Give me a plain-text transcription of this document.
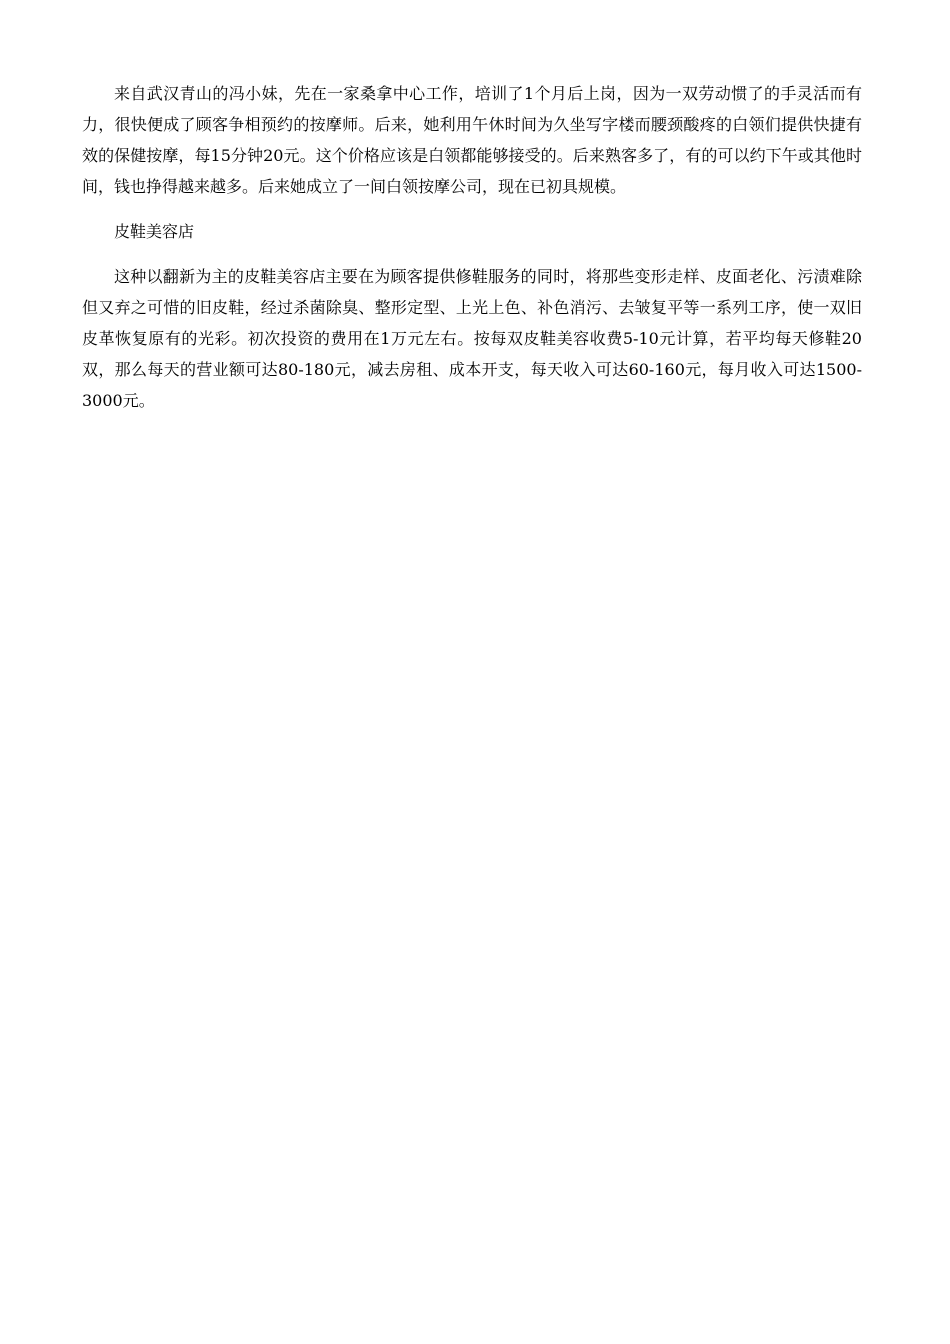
来自武汉青山的冯小妹，先在一家桑拿中心工作，培训了1个月后上岗，因为一双劳动惯了的手灵活而有力，很快便成了顾客争相预约的按摩师。后来，她利用午休时间为久坐写字楼而腰颈酸疼的白领们提供快捷有效的保健按摩，每15分钟20元。这个价格应该是白领都能够接受的。后来熟客多了，有的可以约下午或其他时间，钱也挣得越来越多。后来她成立了一间白领按摩公司，现在已初具规模。

皮鞋美容店

这种以翻新为主的皮鞋美容店主要在为顾客提供修鞋服务的同时，将那些变形走样、皮面老化、污渍难除但又弃之可惜的旧皮鞋，经过杀菌除臭、整形定型、上光上色、补色消污、去皱复平等一系列工序，使一双旧皮革恢复原有的光彩。初次投资的费用在1万元左右。按每双皮鞋美容收费5-10元计算，若平均每天修鞋20双，那么每天的营业额可达80-180元，减去房租、成本开支，每天收入可达60-160元，每月收入可达1500-3000元。
